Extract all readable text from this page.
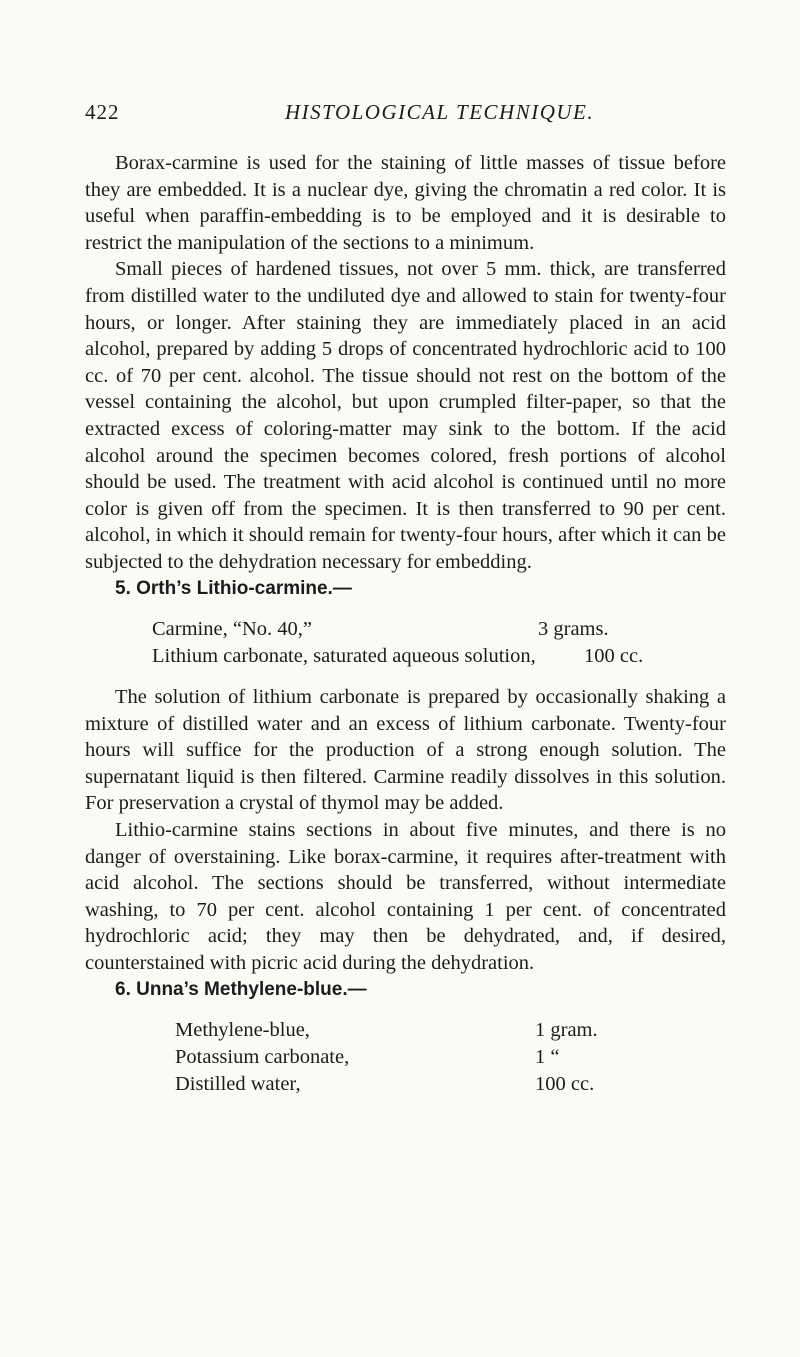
422	HISTOLOGICAL TECHNIQUE.

Borax-carmine is used for the staining of little masses of tissue before they are embedded. It is a nuclear dye, giving the chromatin a red color. It is useful when paraffin-embedding is to be employed and it is desirable to restrict the manipulation of the sections to a minimum.

Small pieces of hardened tissues, not over 5 mm. thick, are transferred from distilled water to the undiluted dye and allowed to stain for twenty-four hours, or longer. After staining they are immediately placed in an acid alcohol, prepared by adding 5 drops of concentrated hydrochloric acid to 100 cc. of 70 per cent. alcohol. The tissue should not rest on the bottom of the vessel containing the alcohol, but upon crumpled filter-paper, so that the extracted excess of coloring-matter may sink to the bottom. If the acid alcohol around the specimen becomes colored, fresh portions of alcohol should be used. The treatment with acid alcohol is continued until no more color is given off from the specimen. It is then transferred to 90 per cent. alcohol, in which it should remain for twenty-four hours, after which it can be subjected to the dehydration necessary for embedding.

5. Orth’s Lithio-carmine.—
Carmine, “No. 40,”	3 grams.
Lithium carbonate, saturated aqueous solution, 100 cc.

The solution of lithium carbonate is prepared by occasionally shaking a mixture of distilled water and an excess of lithium carbonate. Twenty-four hours will suffice for the production of a strong enough solution. The supernatant liquid is then filtered. Carmine readily dissolves in this solution. For preservation a crystal of thymol may be added.

Lithio-carmine stains sections in about five minutes, and there is no danger of overstaining. Like borax-carmine, it requires after-treatment with acid alcohol. The sections should be transferred, without intermediate washing, to 70 per cent. alcohol containing 1 per cent. of concentrated hydrochloric acid; they may then be dehydrated, and, if desired, counterstained with picric acid during the dehydration.

6. Unna’s Methylene-blue.—
Methylene-blue,	1 gram.
Potassium carbonate,	1 “
Distilled water,	100 cc.
